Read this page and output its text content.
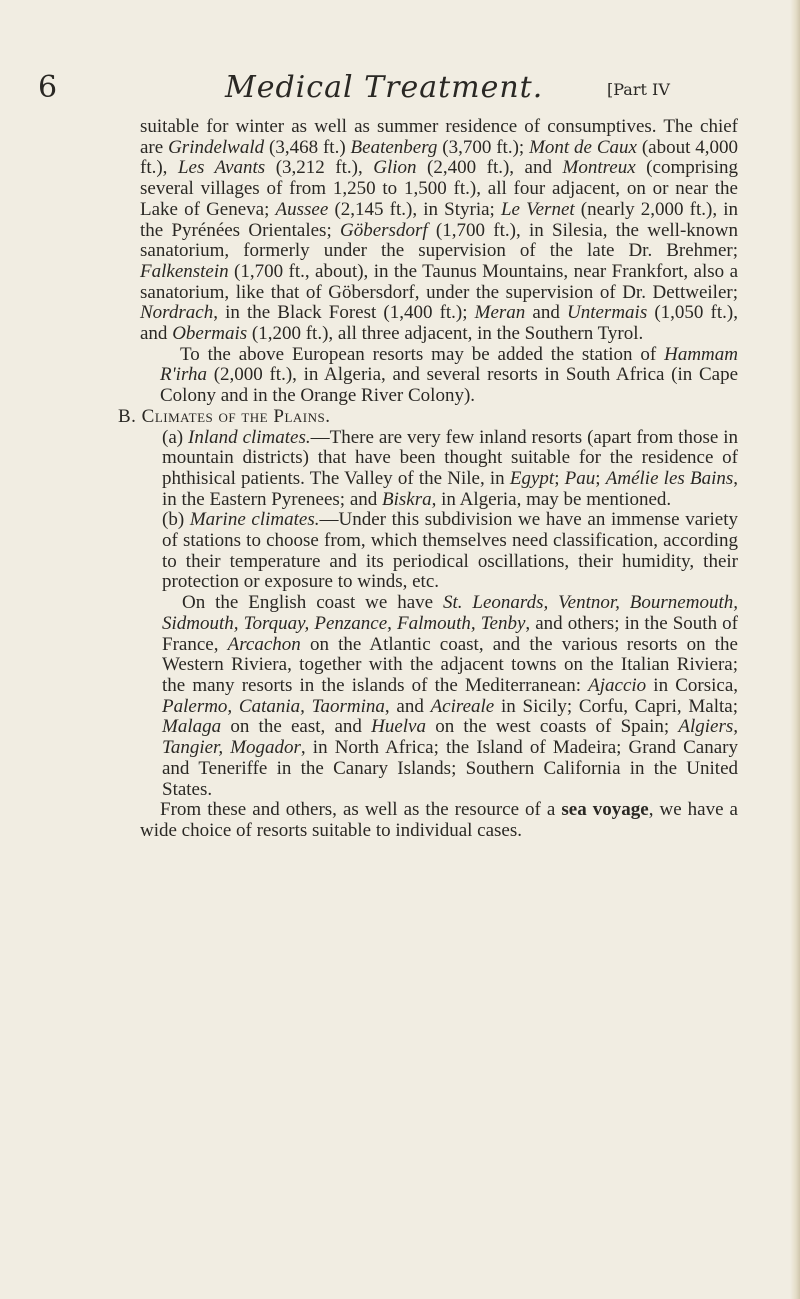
6	Medical Treatment.	[Part IV

suitable for winter as well as summer residence of consumptives. The chief are Grindelwald (3,468 ft.) Beatenberg (3,700 ft.); Mont de Caux (about 4,000 ft.), Les Avants (3,212 ft.), Glion (2,400 ft.), and Montreux (comprising several villages of from 1,250 to 1,500 ft.), all four adjacent, on or near the Lake of Geneva; Aussee (2,145 ft.), in Styria; Le Vernet (nearly 2,000 ft.), in the Pyrénées Orientales; Göbersdorf (1,700 ft.), in Silesia, the well-known sanatorium, formerly under the supervision of the late Dr. Brehmer; Falkenstein (1,700 ft., about), in the Taunus Mountains, near Frankfort, also a sanatorium, like that of Göbersdorf, under the supervision of Dr. Dettweiler; Nordrach, in the Black Forest (1,400 ft.); Meran and Untermais (1,050 ft.), and Obermais (1,200 ft.), all three adjacent, in the Southern Tyrol.

To the above European resorts may be added the station of Hammam R'irha (2,000 ft.), in Algeria, and several resorts in South Africa (in Cape Colony and in the Orange River Colony).

B. Climates of the Plains.

(a) Inland climates.—There are very few inland resorts (apart from those in mountain districts) that have been thought suitable for the residence of phthisical patients. The Valley of the Nile, in Egypt; Pau; Amélie les Bains, in the Eastern Pyrenees; and Biskra, in Algeria, may be mentioned.

(b) Marine climates.—Under this subdivision we have an immense variety of stations to choose from, which themselves need classification, according to their temperature and its periodical oscillations, their humidity, their protection or exposure to winds, etc.

On the English coast we have St. Leonards, Ventnor, Bournemouth, Sidmouth, Torquay, Penzance, Falmouth, Tenby, and others; in the South of France, Arcachon on the Atlantic coast, and the various resorts on the Western Riviera, together with the adjacent towns on the Italian Riviera; the many resorts in the islands of the Mediterranean: Ajaccio in Corsica, Palermo, Catania, Taormina, and Acireale in Sicily; Corfu, Capri, Malta; Malaga on the east, and Huelva on the west coasts of Spain; Algiers, Tangier, Mogador, in North Africa; the Island of Madeira; Grand Canary and Teneriffe in the Canary Islands; Southern California in the United States.

From these and others, as well as the resource of a sea voyage, we have a wide choice of resorts suitable to individual cases.
